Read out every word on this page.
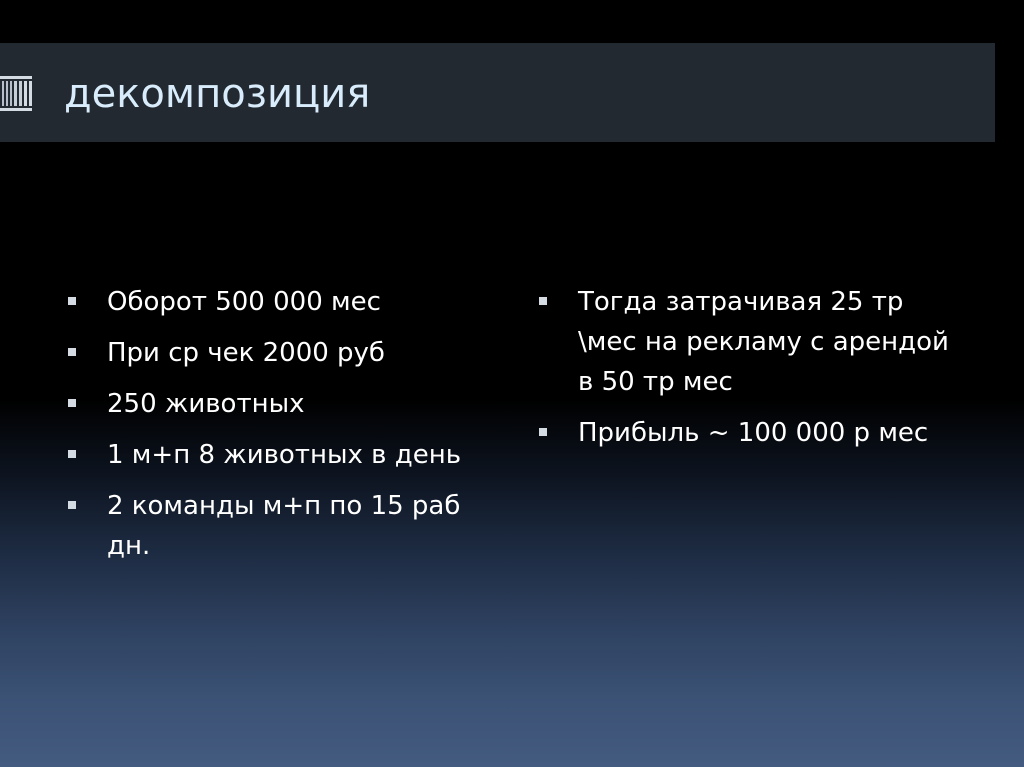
декомпозиция
Оборот 500 000 мес
При ср чек 2000 руб
250 животных
1 м+п 8 животных в день
2 команды м+п по 15 раб дн.
Тогда затрачивая 25 тр \мес на рекламу с арендой в 50 тр мес
Прибыль ~ 100 000 р мес
